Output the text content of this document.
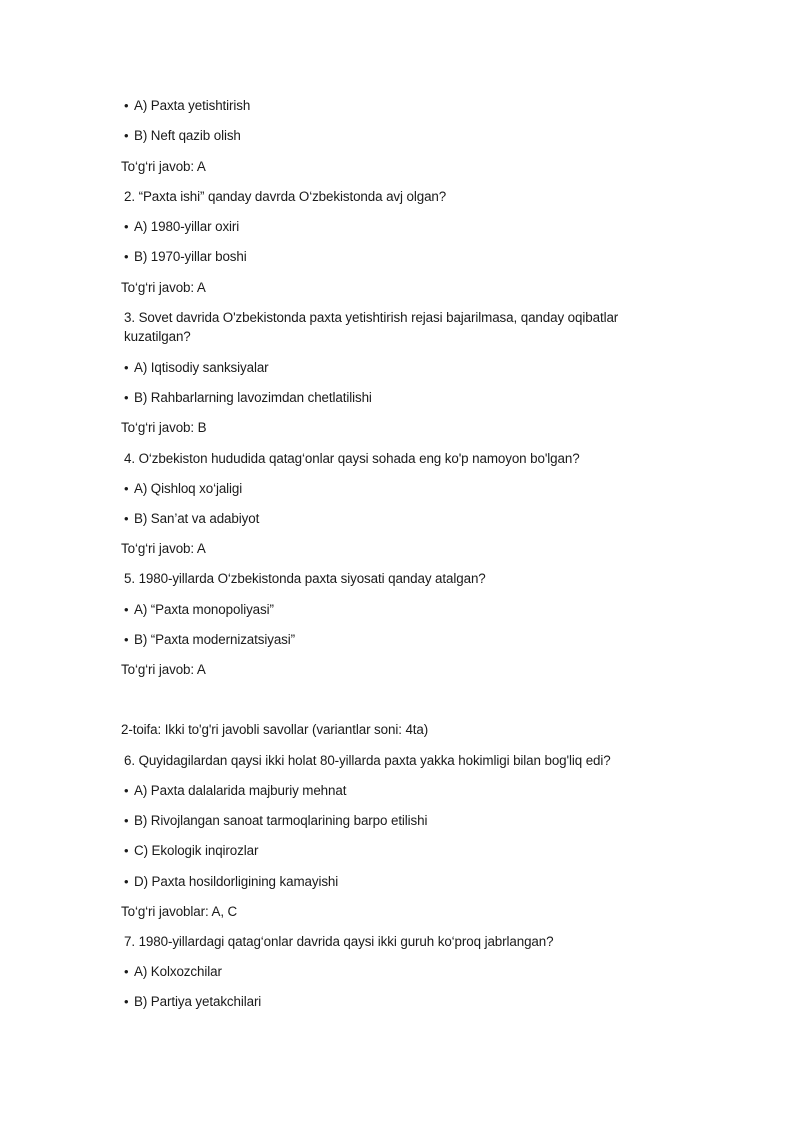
• A) Paxta yetishtirish
• B) Neft qazib olish
To‘g‘ri javob: A
2. “Paxta ishi” qanday davrda O‘zbekistonda avj olgan?
• A) 1980-yillar oxiri
• B) 1970-yillar boshi
To‘g‘ri javob: A
3. Sovet davrida O'zbekistonda paxta yetishtirish rejasi bajarilmasa, qanday oqibatlar kuzatilgan?
• A) Iqtisodiy sanksiyalar
• B) Rahbarlarning lavozimdan chetlatilishi
To‘g‘ri javob: B
4. O‘zbekiston hududida qatag‘onlar qaysi sohada eng ko'p namoyon bo'lgan?
• A) Qishloq xo‘jaligi
• B) San’at va adabiyot
To‘g‘ri javob: A
5. 1980-yillarda O‘zbekistonda paxta siyosati qanday atalgan?
• A) “Paxta monopoliyasi”
• B) “Paxta modernizatsiyasi”
To‘g‘ri javob: A
2-toifa: Ikki to'g'ri javobli savollar (variantlar soni: 4ta)
6. Quyidagilardan qaysi ikki holat 80-yillarda paxta yakka hokimligi bilan bog'liq edi?
• A) Paxta dalalarida majburiy mehnat
• B) Rivojlangan sanoat tarmoqlarining barpo etilishi
• C) Ekologik inqirozlar
• D) Paxta hosildorligining kamayishi
To‘g‘ri javoblar: A, C
7. 1980-yillardagi qatag‘onlar davrida qaysi ikki guruh ko‘proq jabrlangan?
• A) Kolxozchilar
• B) Partiya yetakchilari
